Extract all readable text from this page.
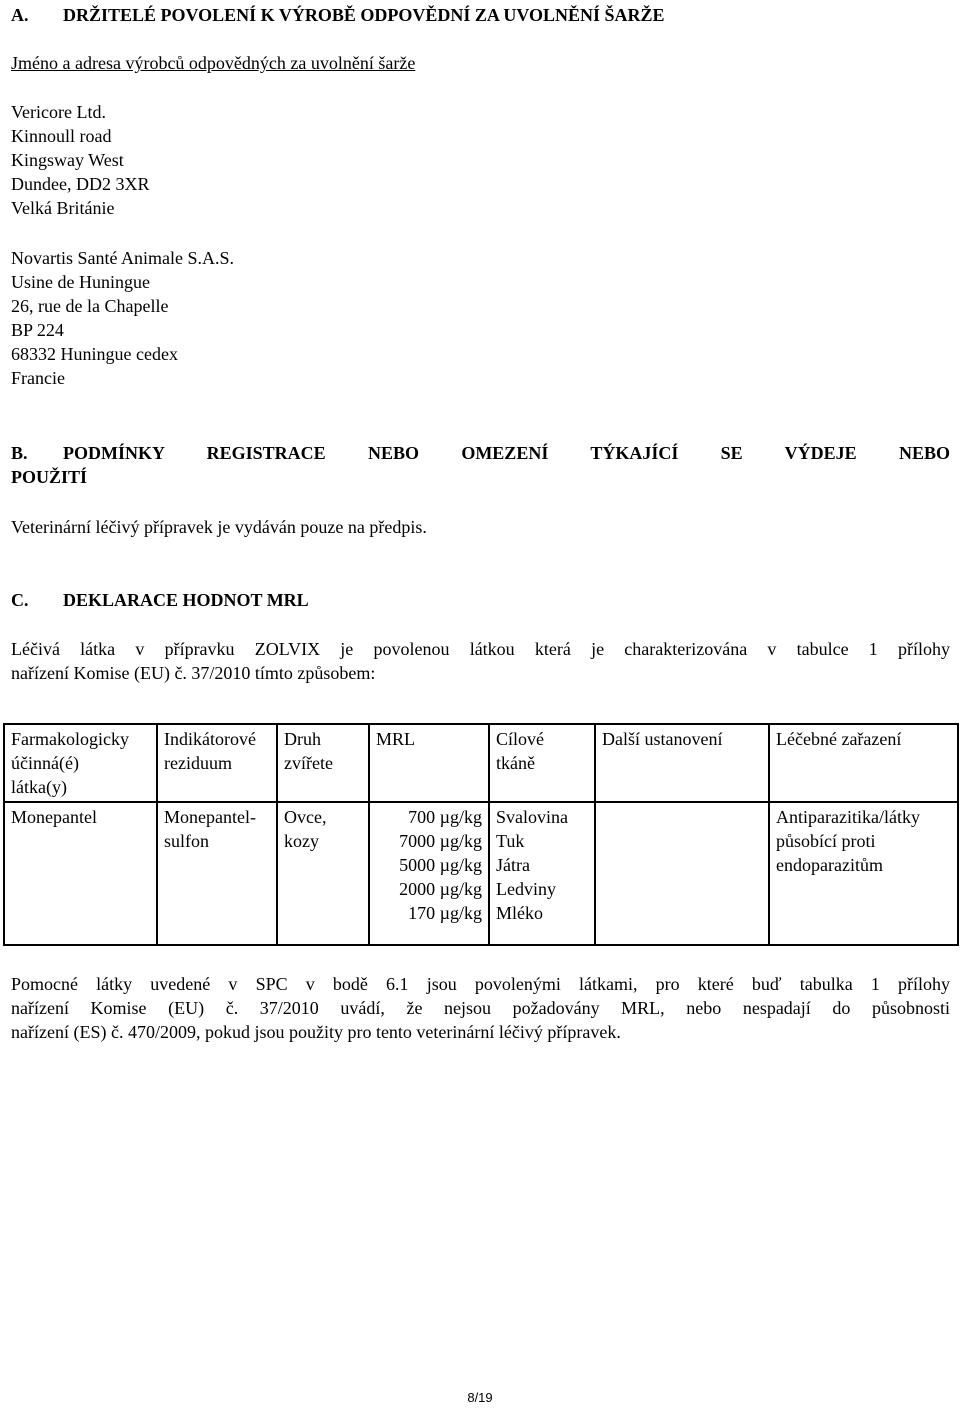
A. DRŽITELÉ POVOLENÍ K VÝROBĚ ODPOVĚDNÍ ZA UVOLNĚNÍ ŠARŽE
Jméno a adresa výrobců odpovědných za uvolnění šarže
Vericore Ltd.
Kinnoull road
Kingsway West
Dundee, DD2 3XR
Velká Británie
Novartis Santé Animale S.A.S.
Usine de Huningue
26, rue de la Chapelle
BP 224
68332 Huningue cedex
Francie
B.	PODMÍNKY REGISTRACE NEBO OMEZENÍ TÝKAJÍCÍ SE VÝDEJE NEBO
POUŽITÍ
Veterinární léčivý přípravek je vydáván pouze na předpis.
C. DEKLARACE HODNOT MRL
Léčivá látka v přípravku ZOLVIX je povolenou látkou která je charakterizována v tabulce 1 přílohy
nařízení Komise (EU) č. 37/2010 tímto způsobem:
Farmakologicky
účinná(é)
látka(y)	Indikátorové
reziduum	Druh
zvířete	MRL	Cílové
tkáně	Další ustanovení	Léčebné zařazení

Monepantel	Monepantel-
sulfon	Ovce,
kozy	700 µg/kg
7000 µg/kg
5000 µg/kg
2000 µg/kg
170 µg/kg	Svalovina
Tuk
Játra
Ledviny
Mléko		Antiparazitika/látky
působící proti
endoparazitům
Pomocné látky uvedené v SPC v bodě 6.1 jsou povolenými látkami, pro které buď tabulka 1 přílohy
nařízení Komise (EU) č. 37/2010 uvádí, že nejsou požadovány MRL, nebo nespadají do působnosti
nařízení (ES) č. 470/2009, pokud jsou použity pro tento veterinární léčivý přípravek.
8/19
